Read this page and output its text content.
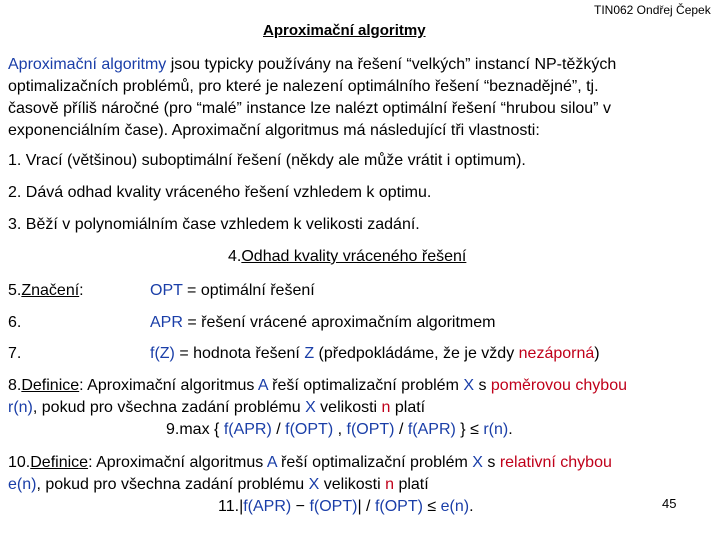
TIN062 Ondřej Čepek
Aproximační algoritmy
Aproximační algoritmy jsou typicky používány na řešení “velkých” instancí NP-těžkých
optimalizačních problémů, pro které je nalezení optimálního řešení “beznadějné”, tj.
časově příliš náročné (pro “malé” instance lze nalézt optimální řešení “hrubou silou” v
exponenciálním čase). Aproximační algoritmus má následující tři vlastnosti:
1. Vrací (většinou) suboptimální řešení (někdy ale může vrátit i optimum).
2. Dává odhad kvality vráceného řešení vzhledem k optimu.
3. Běží v polynomiálním čase vzhledem k velikosti zadání.
4.Odhad kvality vráceného řešení
5.Značení:	OPT = optimální řešení
6.	APR = řešení vrácené aproximačním algoritmem
7.	f(Z) = hodnota řešení Z (předpokládáme, že je vždy nezáporná)
8.Definice: Aproximační algoritmus A řeší optimalizační problém X s poměrovou chybou
r(n), pokud pro všechna zadání problému X velikosti n platí
9.max { f(APR) / f(OPT) , f(OPT) / f(APR) } ≤ r(n).
10.Definice: Aproximační algoritmus A řeší optimalizační problém X s relativní chybou
e(n), pokud pro všechna zadání problému X velikosti n platí
11.|f(APR) − f(OPT)| / f(OPT) ≤ e(n).	45
